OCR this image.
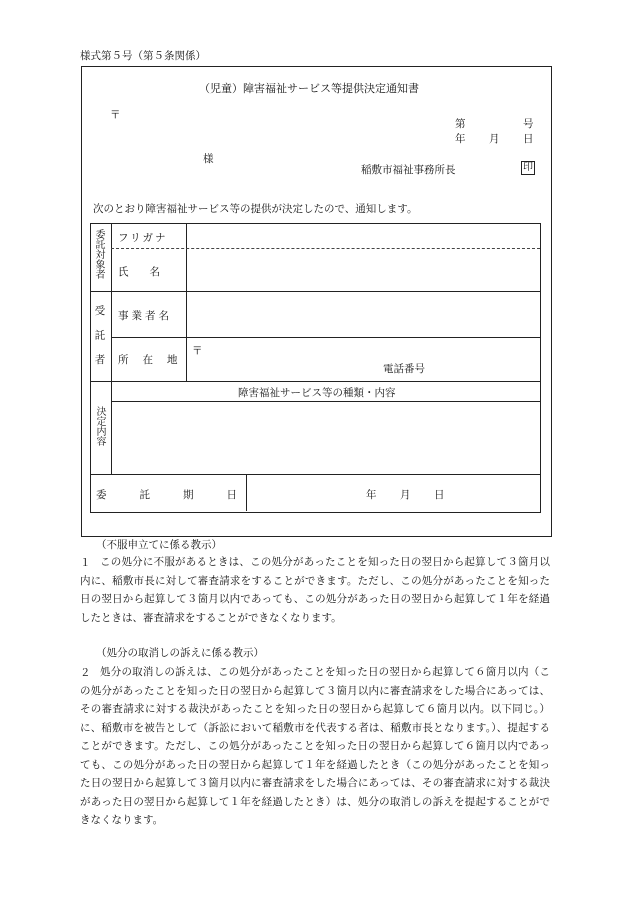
様式第５号（第５条関係）
（児童）障害福祉サービス等提供決定通知書
〒
第	号
年 月 日
様
稲敷市福祉事務所長	印
次のとおり障害福祉サービス等の提供が決定したので、通知します。
委託対象者 フリガナ
氏　　名
受託者 事業者名
所在地
〒
電話番号
決定内容
障害福祉サービス等の種類・内容
委託期日	年 月 日
（不服申立てに係る教示）
１ この処分に不服があるときは、この処分があったことを知った日の翌日から起算して３箇月以内に、稲敷市長に対して審査請求をすることができます。ただし、この処分があったことを知った日の翌日から起算して３箇月以内であっても、この処分があった日の翌日から起算して１年を経過したときは、審査請求をすることができなくなります。
（処分の取消しの訴えに係る教示）
２ 処分の取消しの訴えは、この処分があったことを知った日の翌日から起算して６箇月以内（この処分があったことを知った日の翌日から起算して３箇月以内に審査請求をした場合にあっては、その審査請求に対する裁決があったことを知った日の翌日から起算して６箇月以内。以下同じ。）に、稲敷市を被告として（訴訟において稲敷市を代表する者は、稲敷市長となります。）、提起することができます。ただし、この処分があったことを知った日の翌日から起算して６箇月以内であっても、この処分があった日の翌日から起算して１年を経過したとき（この処分があったことを知った日の翌日から起算して３箇月以内に審査請求をした場合にあっては、その審査請求に対する裁決があった日の翌日から起算して１年を経過したとき）は、処分の取消しの訴えを提起することができなくなります。
